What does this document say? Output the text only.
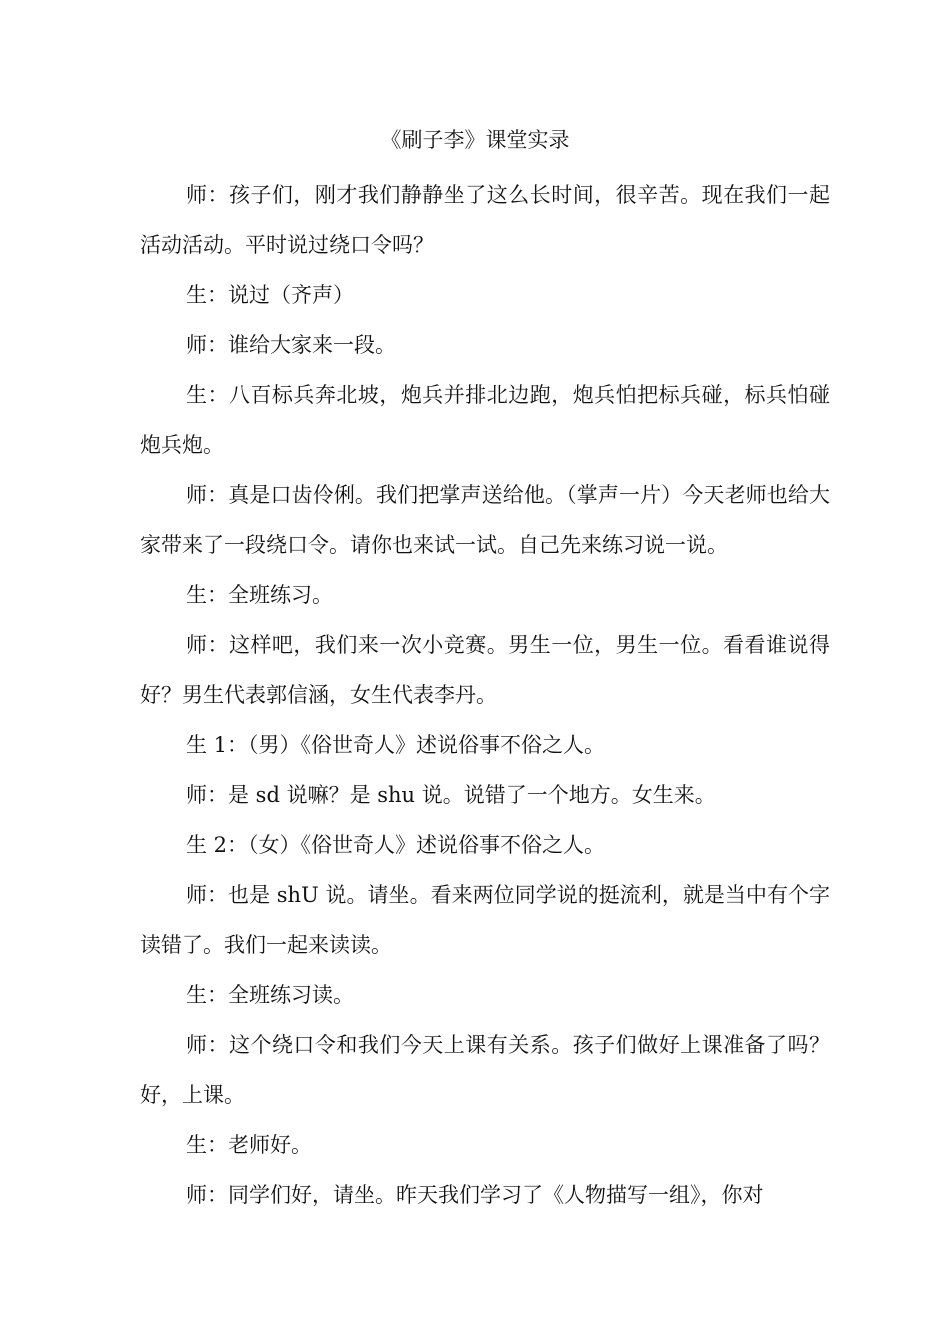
《刷子李》课堂实录

师：孩子们，刚才我们静静坐了这么长时间，很辛苦。现在我们一起活动活动。平时说过绕口令吗？

生：说过（齐声）

师：谁给大家来一段。

生：八百标兵奔北坡，炮兵并排北边跑，炮兵怕把标兵碰，标兵怕碰炮兵炮。

师：真是口齿伶俐。我们把掌声送给他。（掌声一片）今天老师也给大家带来了一段绕口令。请你也来试一试。自己先来练习说一说。

生：全班练习。

师：这样吧，我们来一次小竞赛。男生一位，男生一位。看看谁说得好？男生代表郭信涵，女生代表李丹。

生 1：（男）《俗世奇人》述说俗事不俗之人。

师：是 sd 说嘛？是 shu 说。说错了一个地方。女生来。

生 2：（女）《俗世奇人》述说俗事不俗之人。

师：也是 shU 说。请坐。看来两位同学说的挺流利，就是当中有个字读错了。我们一起来读读。

生：全班练习读。

师：这个绕口令和我们今天上课有关系。孩子们做好上课准备了吗？好，上课。

生：老师好。

师：同学们好，请坐。昨天我们学习了《人物描写一组》，你对
